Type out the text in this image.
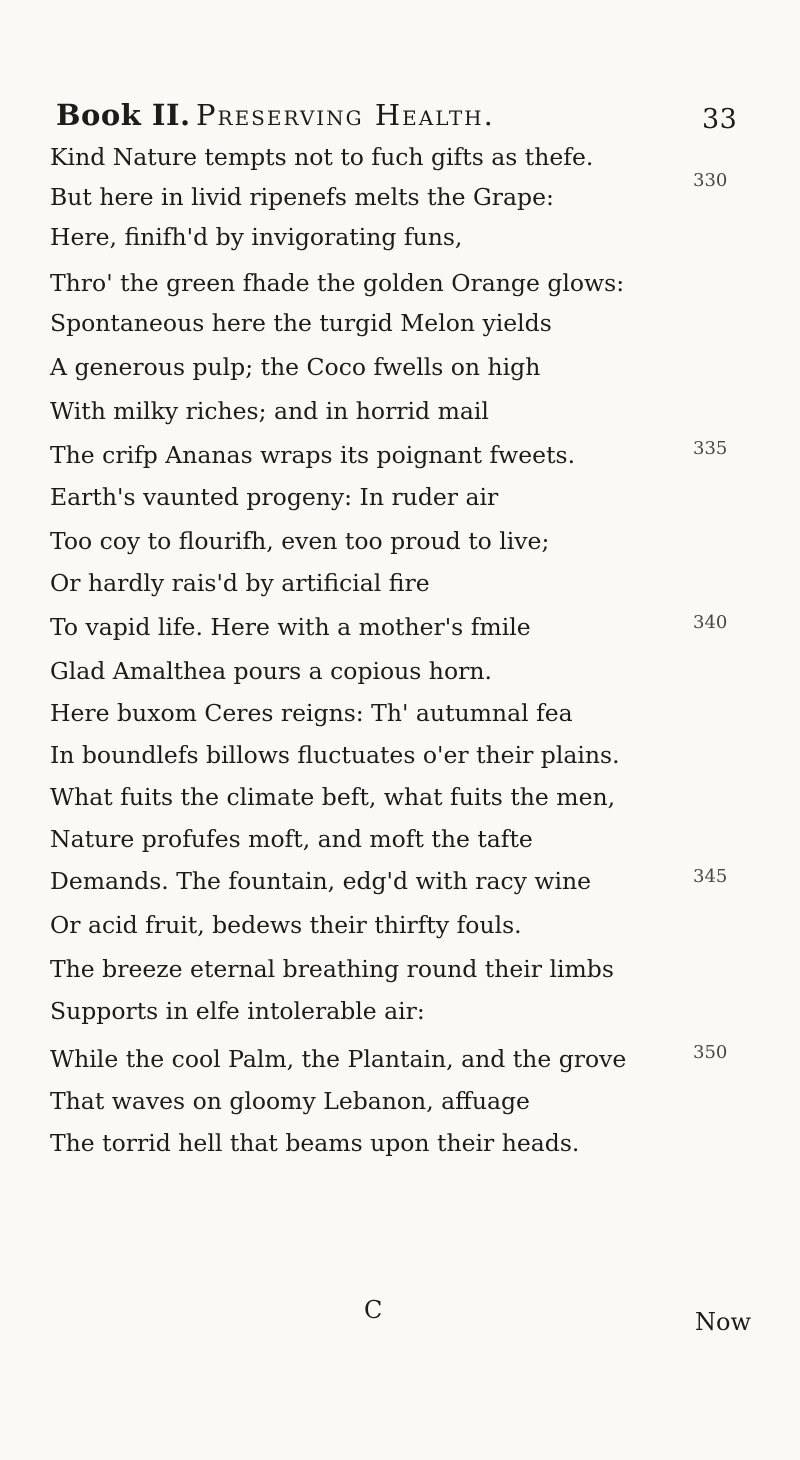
Book II. Preserving Health.	33
Kind Nature tempts not to fuch gifts as thefe.
But here in livid ripenefs melts the Grape:
Here, finifh'd by invigorating funs,
Thro' the green fhade the golden Orange glows:
Spontaneous here the turgid Melon yields
A generous pulp; the Coco fwells on high
With milky riches; and in horrid mail
The crifp Ananas wraps its poignant fweets.
Earth's vaunted progeny: In ruder air
Too coy to flourifh, even too proud to live;
Or hardly rais'd by artificial fire
To vapid life. Here with a mother's fmile
Glad Amalthea pours a copious horn.
Here buxom Ceres reigns: Th' autumnal fea
In boundlefs billows fluctuates o'er their plains.
What fuits the climate beft, what fuits the men,
Nature profufes moft, and moft the tafte
Demands. The fountain, edg'd with racy wine
Or acid fruit, bedews their thirfty fouls.
The breeze eternal breathing round their limbs
Supports in elfe intolerable air:
While the cool Palm, the Plantain, and the grove
That waves on gloomy Lebanon, affuage
The torrid hell that beams upon their heads.
330
335
340
345
350
C	Now
